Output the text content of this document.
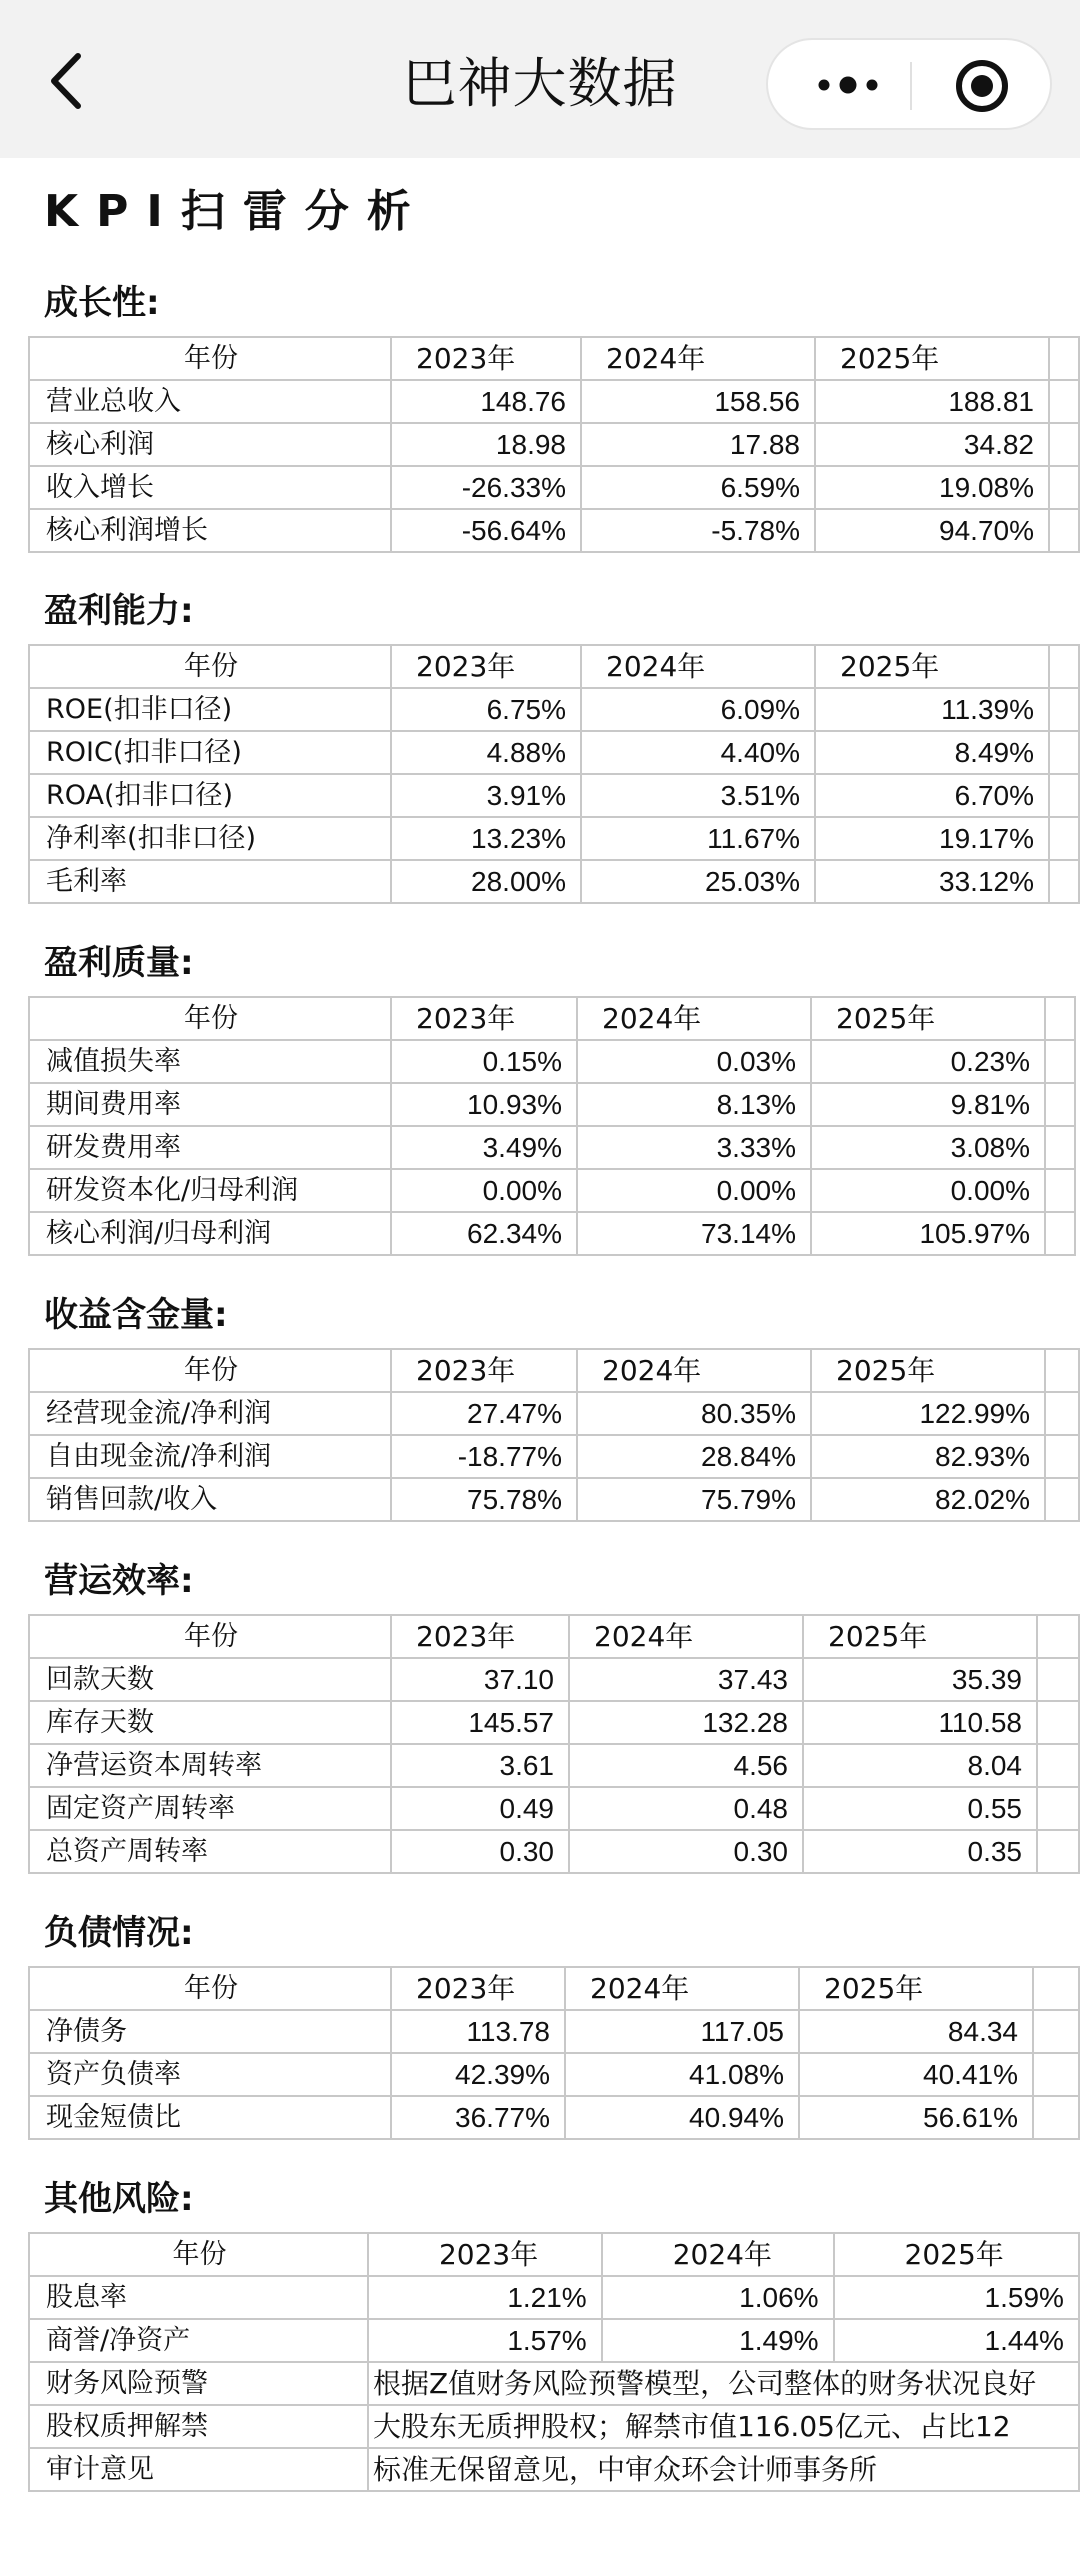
巴神大数据
KPI扫雷分析
成长性:
年份	2023年	2024年	2025年	
营业总收入	148.76	158.56	188.81	
核心利润	18.98	17.88	34.82	
收入增长	-26.33%	6.59%	19.08%	
核心利润增长	-56.64%	-5.78%	94.70%	
盈利能力:
年份	2023年	2024年	2025年	
ROE(扣非口径)	6.75%	6.09%	11.39%	
ROIC(扣非口径)	4.88%	4.40%	8.49%	
ROA(扣非口径)	3.91%	3.51%	6.70%	
净利率(扣非口径)	13.23%	11.67%	19.17%	
毛利率	28.00%	25.03%	33.12%	
盈利质量:
年份	2023年	2024年	2025年	
减值损失率	0.15%	0.03%	0.23%	
期间费用率	10.93%	8.13%	9.81%	
研发费用率	3.49%	3.33%	3.08%	
研发资本化/归母利润	0.00%	0.00%	0.00%	
核心利润/归母利润	62.34%	73.14%	105.97%	
收益含金量:
年份	2023年	2024年	2025年	
经营现金流/净利润	27.47%	80.35%	122.99%	
自由现金流/净利润	-18.77%	28.84%	82.93%	
销售回款/收入	75.78%	75.79%	82.02%	
营运效率:
年份	2023年	2024年	2025年	
回款天数	37.10	37.43	35.39	
库存天数	145.57	132.28	110.58	
净营运资本周转率	3.61	4.56	8.04	
固定资产周转率	0.49	0.48	0.55	
总资产周转率	0.30	0.30	0.35	
负债情况:
年份	2023年	2024年	2025年	
净债务	113.78	117.05	84.34	
资产负债率	42.39%	41.08%	40.41%	
现金短债比	36.77%	40.94%	56.61%	
其他风险:
年份	2023年	2024年	2025年
股息率	1.21%	1.06%	1.59%
商誉/净资产	1.57%	1.49%	1.44%
财务风险预警	根据Z值财务风险预警模型，公司整体的财务状况良好		
股权质押解禁	大股东无质押股权；解禁市值116.05亿元、占比12		
审计意见	标准无保留意见，中审众环会计师事务所		
